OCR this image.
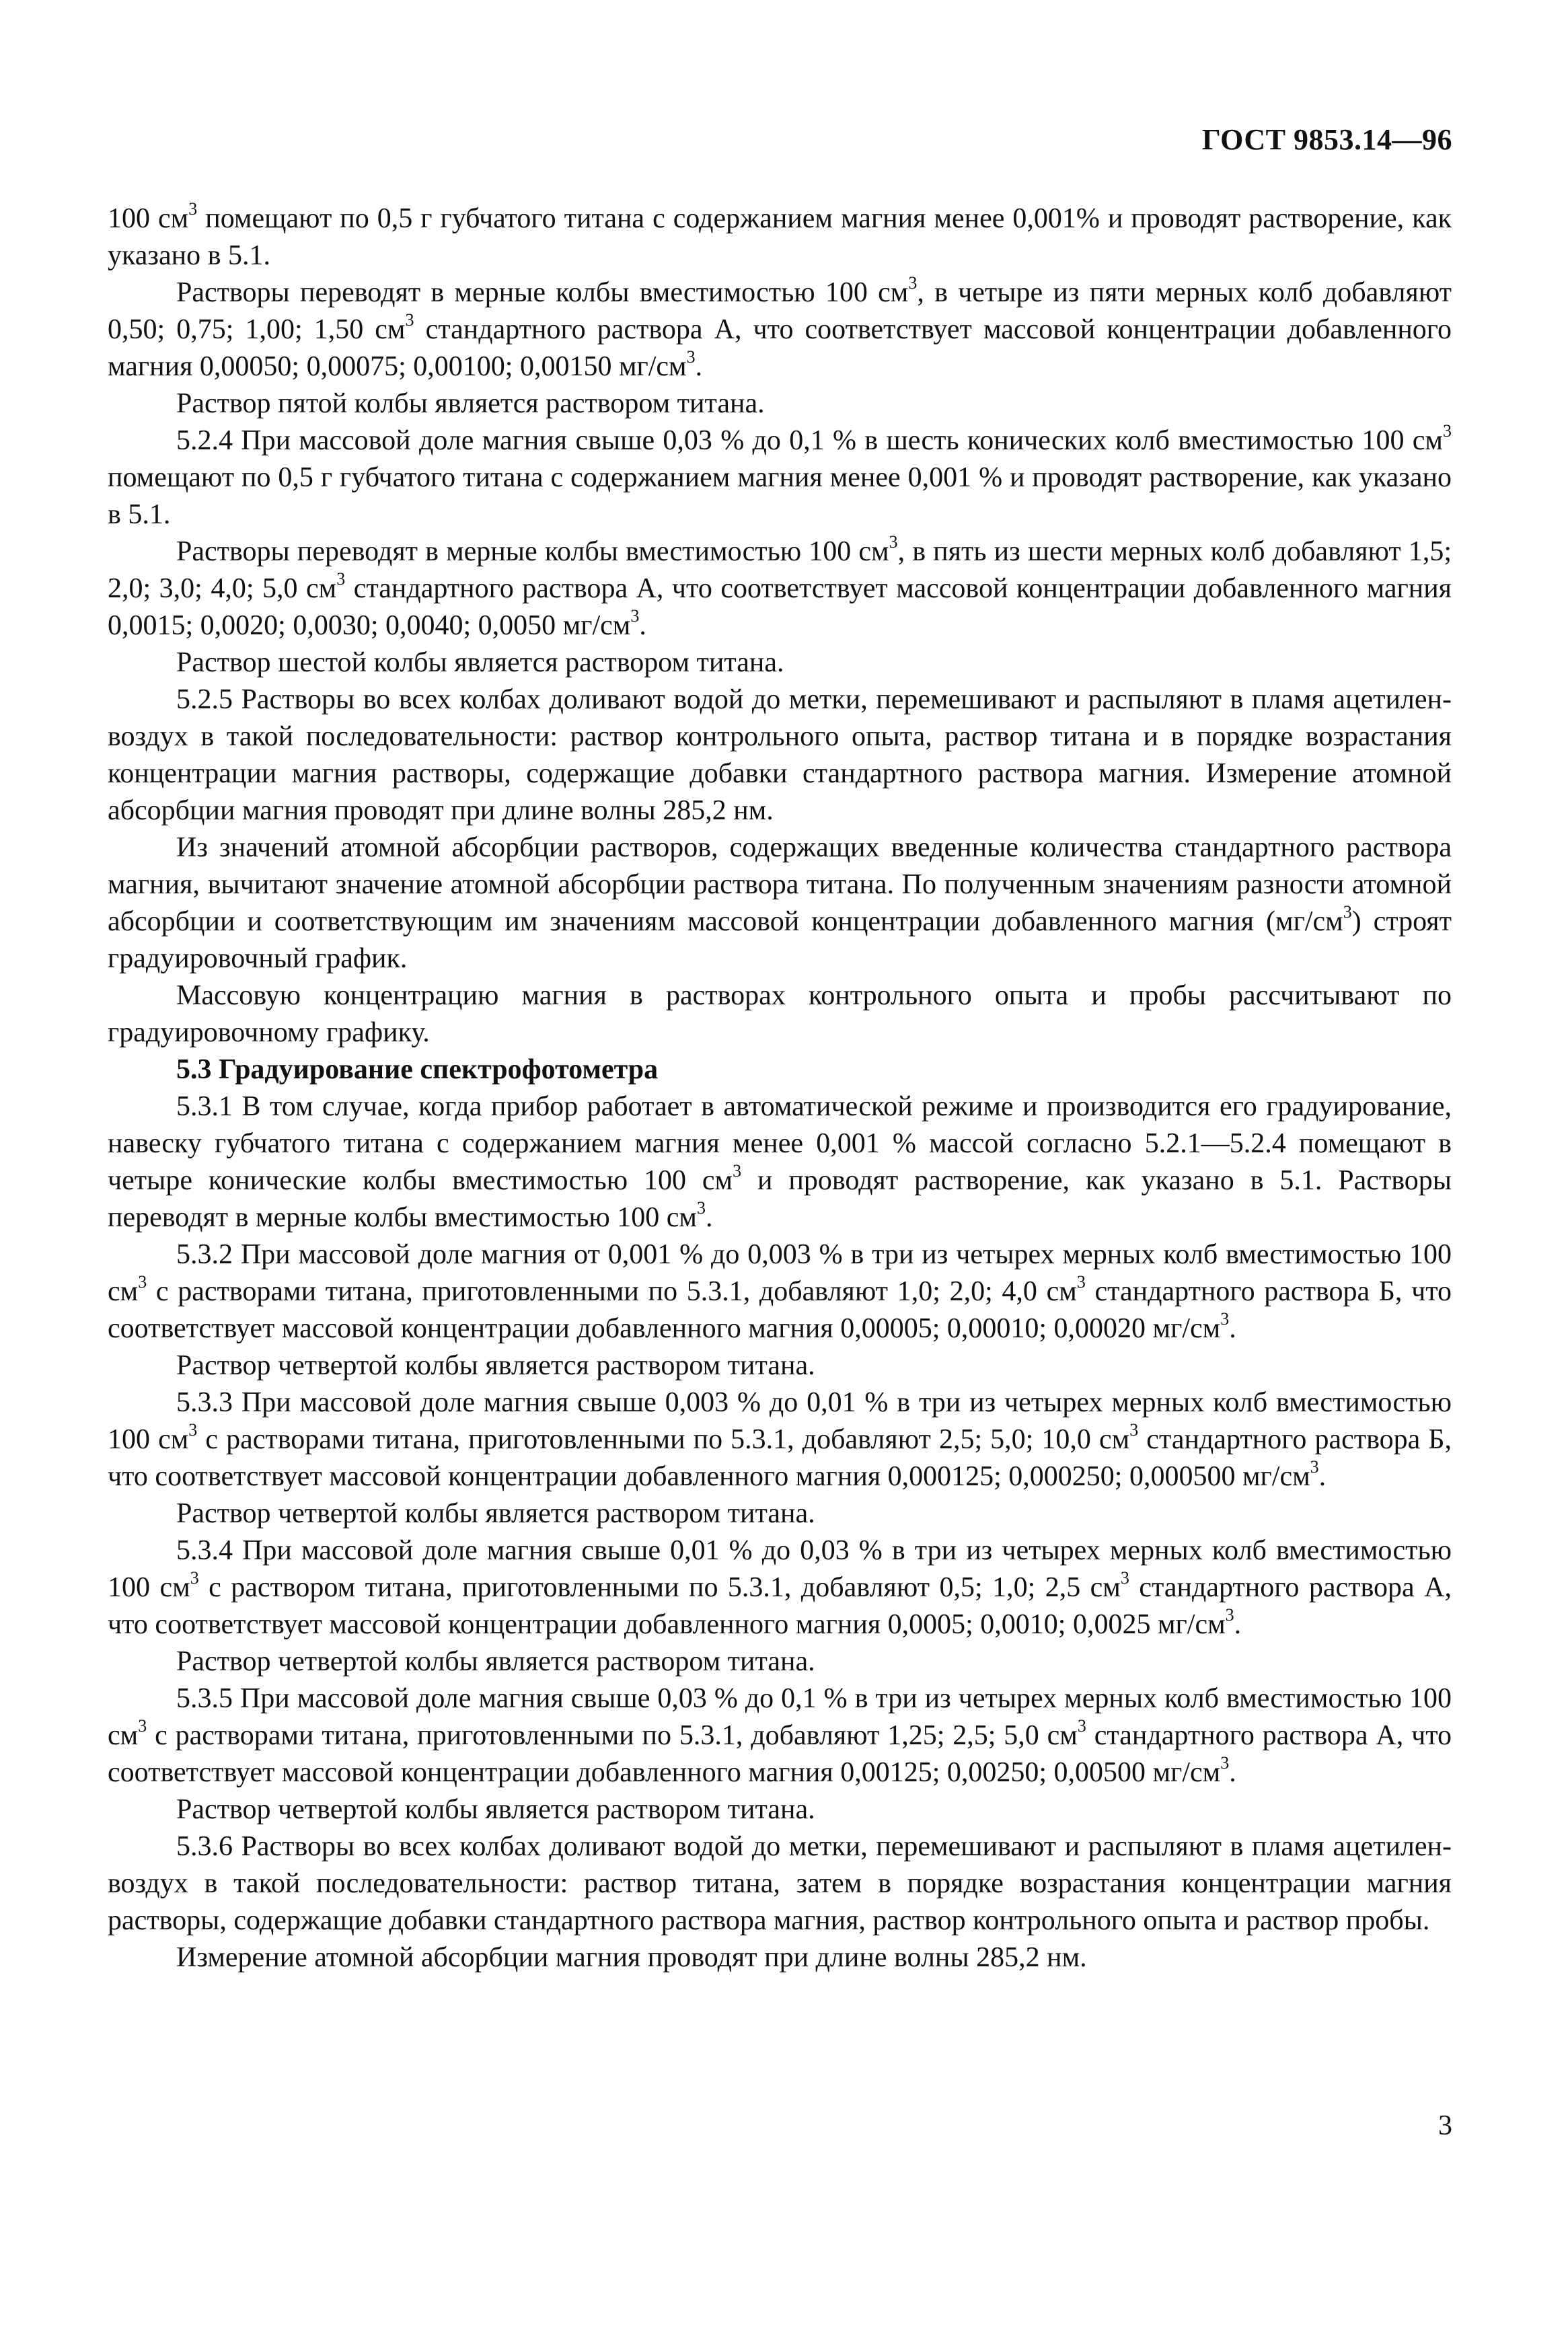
ГОСТ 9853.14—96

100 $см^3$ помещают по 0,5 г губчатого титана с содержанием магния менее 0,001% и проводят растворение, как указано в 5.1.

Растворы переводят в мерные колбы вместимостью 100 $см^3$, в четыре из пяти мерных колб добавляют 0,50; 0,75; 1,00; 1,50 $см^3$ стандартного раствора А, что соответствует массовой концентрации добавленного магния 0,00050; 0,00075; 0,00100; 0,00150 $мг/см^3$.

Раствор пятой колбы является раствором титана.

5.2.4 При массовой доле магния свыше 0,03 % до 0,1 % в шесть конических колб вместимостью 100 $см^3$ помещают по 0,5 г губчатого титана с содержанием магния менее 0,001 % и проводят растворение, как указано в 5.1.

Растворы переводят в мерные колбы вместимостью 100 $см^3$, в пять из шести мерных колб добавляют 1,5; 2,0; 3,0; 4,0; 5,0 $см^3$ стандартного раствора А, что соответствует массовой концентрации добавленного магния 0,0015; 0,0020; 0,0030; 0,0040; 0,0050 $мг/см^3$.

Раствор шестой колбы является раствором титана.

5.2.5 Растворы во всех колбах доливают водой до метки, перемешивают и распыляют в пламя ацетилен-воздух в такой последовательности: раствор контрольного опыта, раствор титана и в порядке возрастания концентрации магния растворы, содержащие добавки стандартного раствора магния. Измерение атомной абсорбции магния проводят при длине волны 285,2 нм.

Из значений атомной абсорбции растворов, содержащих введенные количества стандартного раствора магния, вычитают значение атомной абсорбции раствора титана. По полученным значениям разности атомной абсорбции и соответствующим им значениям массовой концентрации добавленного магния $(мг/см^3)$ строят градуировочный график.

Массовую концентрацию магния в растворах контрольного опыта и пробы рассчитывают по градуировочному графику.

5.3 Градуирование спектрофотометра

5.3.1 В том случае, когда прибор работает в автоматической режиме и производится его градуирование, навеску губчатого титана с содержанием магния менее 0,001 % массой согласно 5.2.1—5.2.4 помещают в четыре конические колбы вместимостью 100 $см^3$ и проводят растворение, как указано в 5.1. Растворы переводят в мерные колбы вместимостью 100 $см^3$.

5.3.2 При массовой доле магния от 0,001 % до 0,003 % в три из четырех мерных колб вместимостью 100 $см^3$ с растворами титана, приготовленными по 5.3.1, добавляют 1,0; 2,0; 4,0 $см^3$ стандартного раствора Б, что соответствует массовой концентрации добавленного магния 0,00005; 0,00010; 0,00020 $мг/см^3$.

Раствор четвертой колбы является раствором титана.

5.3.3 При массовой доле магния свыше 0,003 % до 0,01 % в три из четырех мерных колб вместимостью 100 $см^3$ с растворами титана, приготовленными по 5.3.1, добавляют 2,5; 5,0; 10,0 $см^3$ стандартного раствора Б, что соответствует массовой концентрации добавленного магния 0,000125; 0,000250; 0,000500 $мг/см^3$.

Раствор четвертой колбы является раствором титана.

5.3.4 При массовой доле магния свыше 0,01 % до 0,03 % в три из четырех мерных колб вместимостью 100 $см^3$ с раствором титана, приготовленными по 5.3.1, добавляют 0,5; 1,0; 2,5 $см^3$ стандартного раствора А, что соответствует массовой концентрации добавленного магния 0,0005; 0,0010; 0,0025 $мг/см^3$.

Раствор четвертой колбы является раствором титана.

5.3.5 При массовой доле магния свыше 0,03 % до 0,1 % в три из четырех мерных колб вместимостью 100 $см^3$ с растворами титана, приготовленными по 5.3.1, добавляют 1,25; 2,5; 5,0 $см^3$ стандартного раствора А, что соответствует массовой концентрации добавленного магния 0,00125; 0,00250; 0,00500 $мг/см^3$.

Раствор четвертой колбы является раствором титана.

5.3.6 Растворы во всех колбах доливают водой до метки, перемешивают и распыляют в пламя ацетилен-воздух в такой последовательности: раствор титана, затем в порядке возрастания концентрации магния растворы, содержащие добавки стандартного раствора магния, раствор контрольного опыта и раствор пробы.

Измерение атомной абсорбции магния проводят при длине волны 285,2 нм.

3
